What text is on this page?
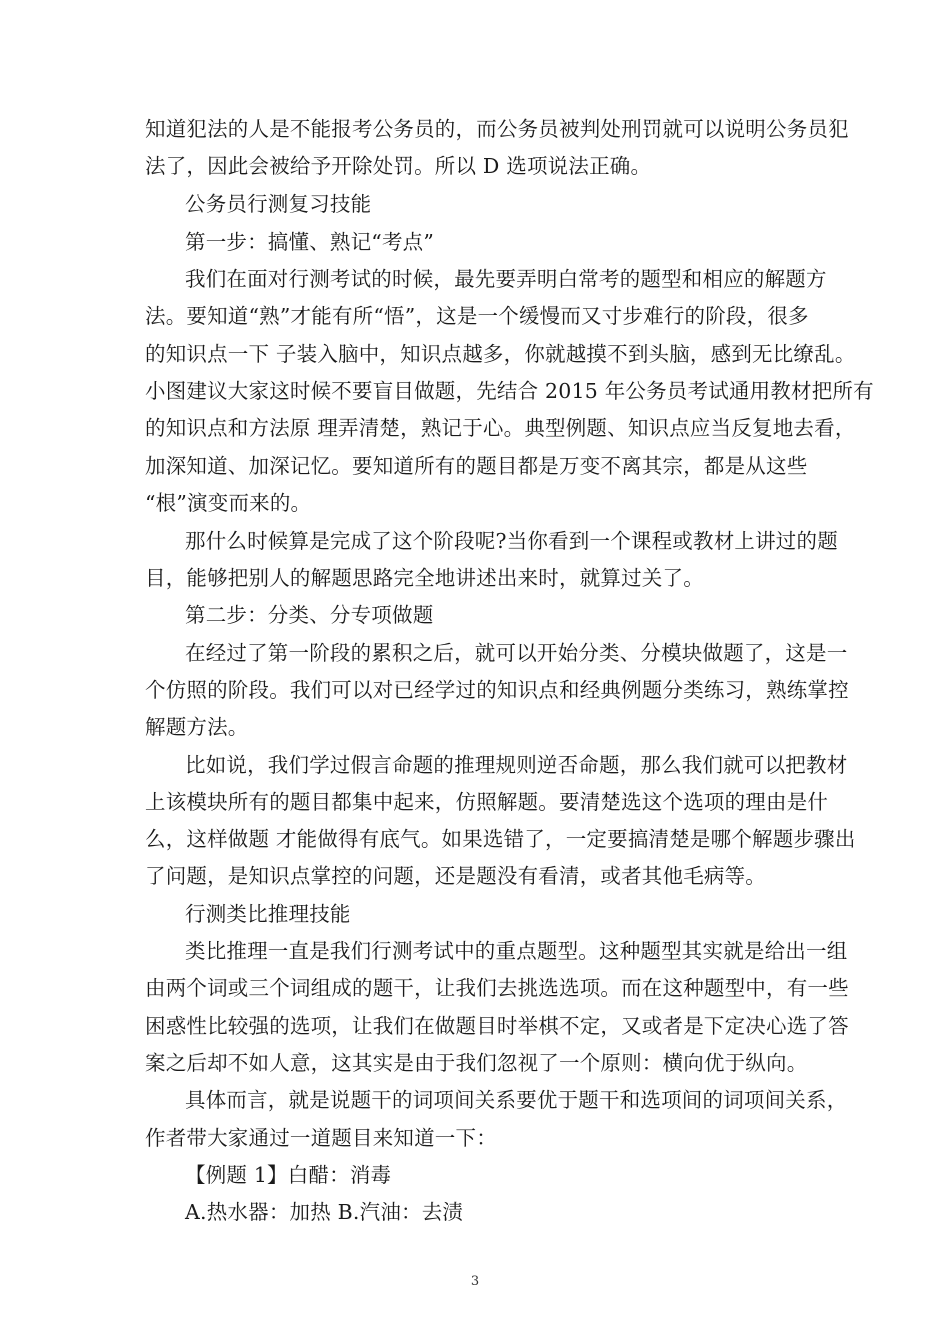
知道犯法的人是不能报考公务员的，而公务员被判处刑罚就可以说明公务员犯
法了，因此会被给予开除处罚。所以 D 选项说法正确。
公务员行测复习技能
第一步：搞懂、熟记“考点”
我们在面对行测考试的时候，最先要弄明白常考的题型和相应的解题方
法。要知道“熟”才能有所“悟”，这是一个缓慢而又寸步难行的阶段，很多
的知识点一下 子装入脑中，知识点越多，你就越摸不到头脑，感到无比缭乱。
小图建议大家这时候不要盲目做题，先结合 2015 年公务员考试通用教材把所有
的知识点和方法原 理弄清楚，熟记于心。典型例题、知识点应当反复地去看，
加深知道、加深记忆。要知道所有的题目都是万变不离其宗，都是从这些
“根”演变而来的。
那什么时候算是完成了这个阶段呢?当你看到一个课程或教材上讲过的题
目，能够把别人的解题思路完全地讲述出来时，就算过关了。
第二步：分类、分专项做题
在经过了第一阶段的累积之后，就可以开始分类、分模块做题了，这是一
个仿照的阶段。我们可以对已经学过的知识点和经典例题分类练习，熟练掌控
解题方法。
比如说，我们学过假言命题的推理规则逆否命题，那么我们就可以把教材
上该模块所有的题目都集中起来，仿照解题。要清楚选这个选项的理由是什
么，这样做题 才能做得有底气。如果选错了，一定要搞清楚是哪个解题步骤出
了问题，是知识点掌控的问题，还是题没有看清，或者其他毛病等。
行测类比推理技能
类比推理一直是我们行测考试中的重点题型。这种题型其实就是给出一组
由两个词或三个词组成的题干，让我们去挑选选项。而在这种题型中，有一些
困惑性比较强的选项，让我们在做题目时举棋不定，又或者是下定决心选了答
案之后却不如人意，这其实是由于我们忽视了一个原则：横向优于纵向。
具体而言，就是说题干的词项间关系要优于题干和选项间的词项间关系，
作者带大家通过一道题目来知道一下：
【例题 1】白醋：消毒
A.热水器：加热 B.汽油：去渍
3
